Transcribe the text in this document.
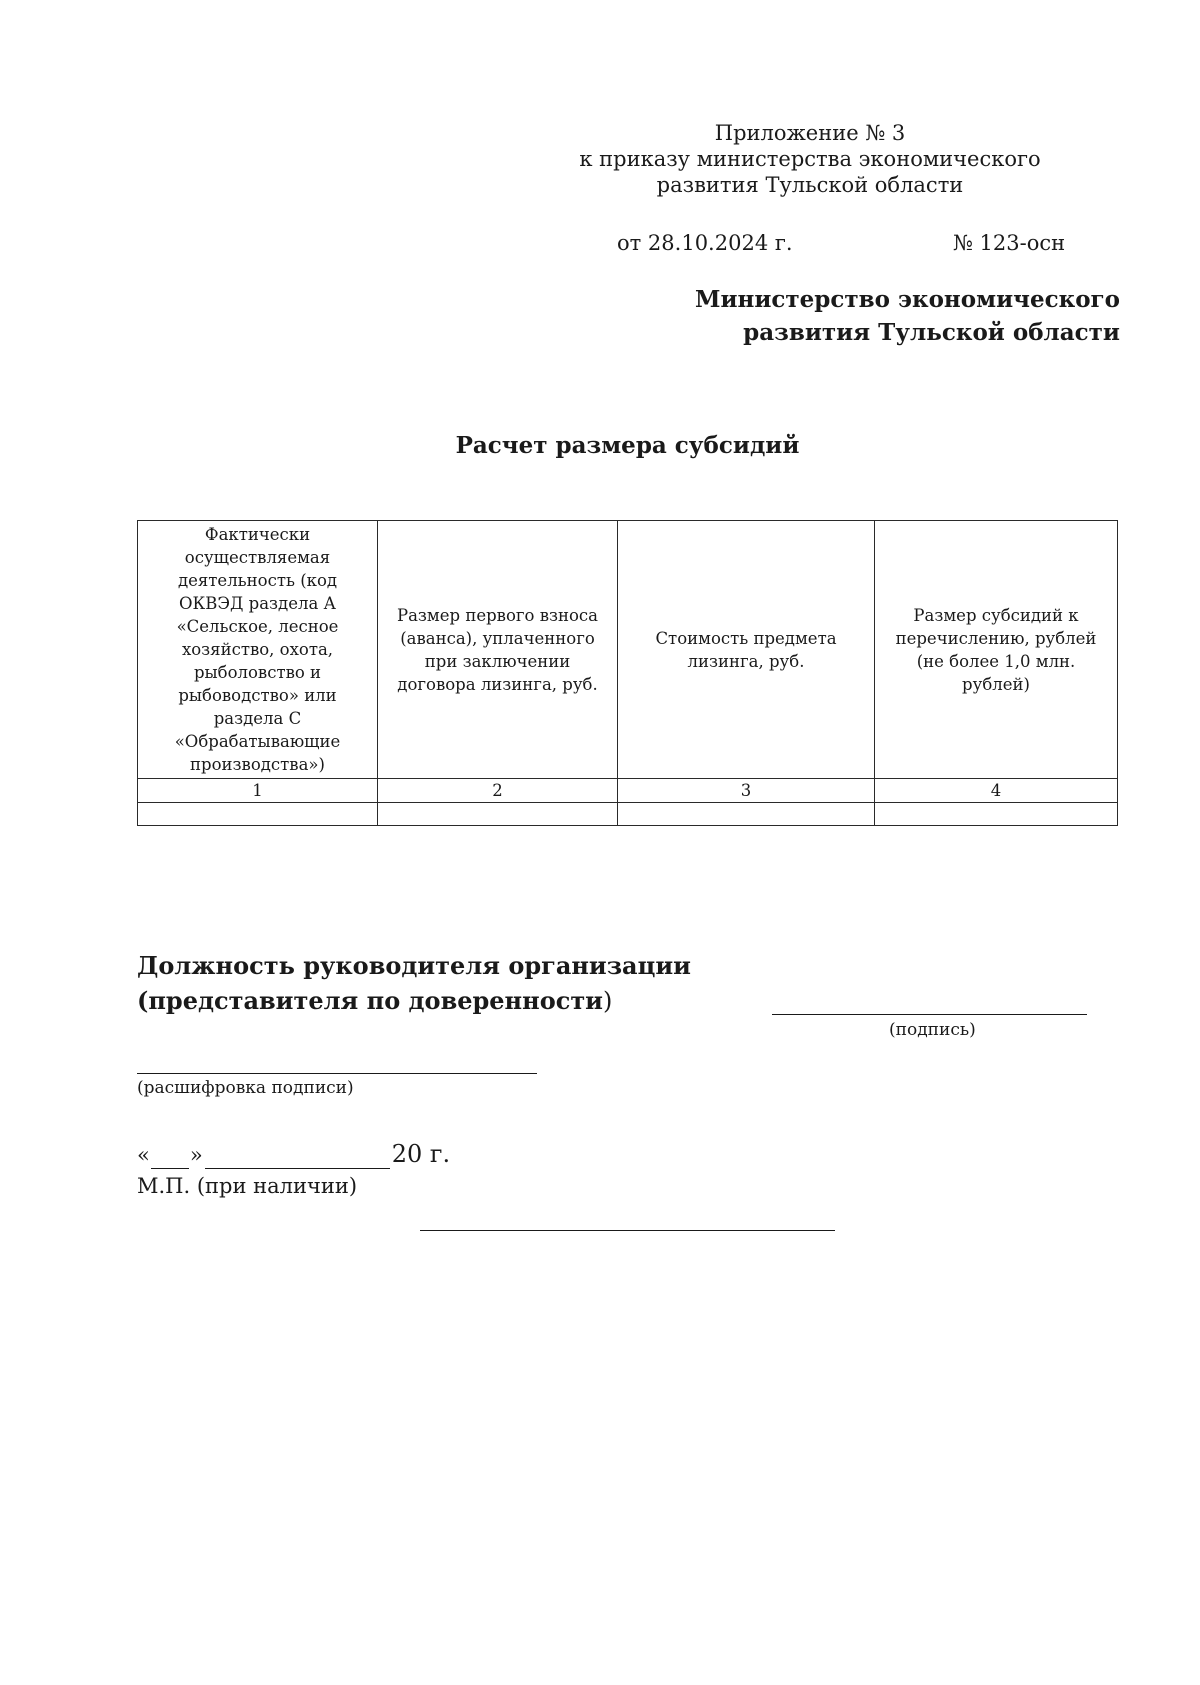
Приложение № 3
к приказу министерства экономического
развития Тульской области
от 28.10.2024 г.	№ 123-осн
Министерство экономического
развития Тульской области
Расчет размера субсидий
Фактически осуществляемая деятельность (код ОКВЭД раздела А «Сельское, лесное хозяйство, охота, рыболовство и рыбоводство» или раздела С «Обрабатывающие производства»)	Размер первого взноса (аванса), уплаченного при заключении договора лизинга, руб.	Стоимость предмета лизинга, руб.	Размер субсидий к перечислению, рублей (не более 1,0 млн. рублей)
1	2	3	4

Должность руководителя организации
(представителя по доверенности)
(подпись)
(расшифровка подписи)
« »	20 г.
М.П. (при наличии)
